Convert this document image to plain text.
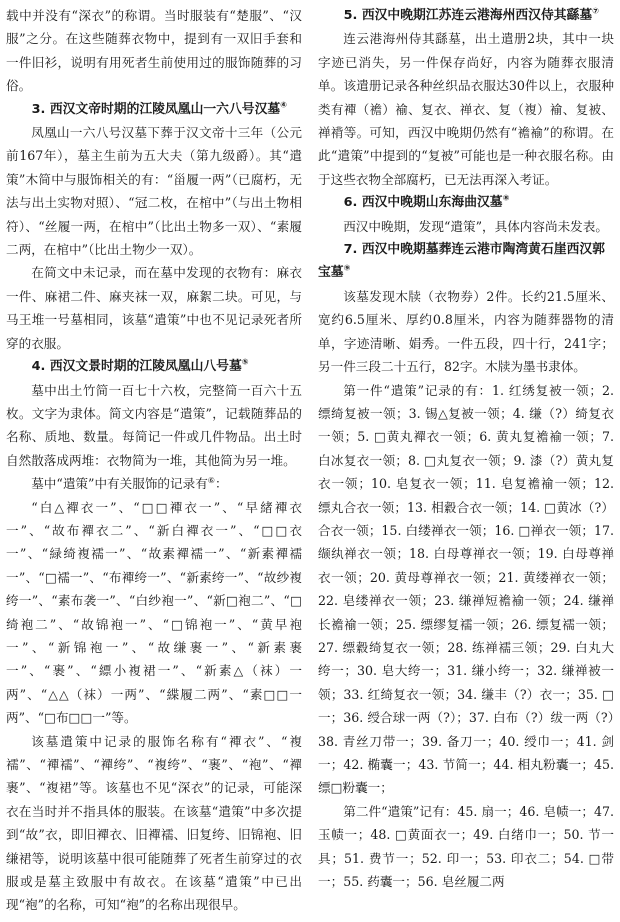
载中并没有“深衣”的称谓。当时服装有“楚服”、“汉服”之分。在这些随葬衣物中，提到有一双旧手套和一件旧衫，说明有用死者生前使用过的服饰随葬的习俗。

3. 西汉文帝时期的江陵凤凰山一六八号汉墓④

凤凰山一六八号汉墓下葬于汉文帝十三年（公元前167年），墓主生前为五大夫（第九级爵）。其“遣策”木简中与服饰相关的有：“甾履一两”（已腐朽，无法与出土实物对照）、“冠二枚，在棺中”（与出土物相符）、“丝履一两，在棺中”（比出土物多一双）、“素履二两，在棺中”（比出土物少一双）。

在简文中未记录，而在墓中发现的衣物有：麻衣一件、麻裙二件、麻夹袜一双，麻絮二块。可见，与马王堆一号墓相同，该墓“遣策”中也不见记录死者所穿的衣服。

4. 西汉文景时期的江陵凤凰山八号墓⑤

墓中出土竹简一百七十六枚，完整简一百六十五枚。文字为隶体。简文内容是“遣策”，记载随葬品的名称、质地、数量。每简记一件或几件物品。出土时自然散落成两堆：衣物简为一堆，其他简为另一堆。

墓中“遣策”中有关服饰的记录有⑥：

“白△襌衣一”、“□□襌衣一”、“早緒襌衣一”、“故布襌衣二”、“新白襌衣一”、“□□衣一”、“緑绮複襦一”、“故素襌襦一”、“新素襌襦一”、“□襦一”、“布襌绔一”、“新素绔一”、“故纱複绔一”、“素布袭一”、“白纱袍一”、“新□袍二”、“□绮袍二”、“故锦袍一”、“□锦袍一”、“黄早袍一”、“新锦袍一”、“故缣裹一”、“新素裹一”、“裹”、“縹小複裙一”、“新素△（袜）一两”、“△△（袜）一两”、“緤履二两”、“素□□一两”、“□布□□一”等。

该墓遣策中记录的服饰名称有“襌衣”、“複襦”、“襌襦”、“襌绔”、“複绔”、“裹”、“袍”、“襌裹”、“複裙”等。该墓也不见“深衣”的记录，可能深衣在当时并不指具体的服装。在该墓“遣策”中多次提到“故”衣，即旧襌衣、旧襌襦、旧复绔、旧锦袍、旧缣裙等，说明该墓中很可能随葬了死者生前穿过的衣服或是墓主致服中有故衣。在该墓“遣策”中已出现“袍”的名称，可知“袍”的名称出现很早。

5. 西汉中晚期江苏连云港海州西汉侍其繇墓⑦

连云港海州侍其繇墓，出土遣册2块，其中一块字迹已消失，另一件保存尚好，内容为随葬衣服清单。该遣册记录各种丝织品衣服达30件以上，衣服种类有襌（襜）褕、复衣、禅衣、复（複）褕、复被、禅褙等。可知，西汉中晚期仍然有“襜褕”的称谓。在此“遣策”中提到的“复被”可能也是一种衣服名称。由于这些衣物全部腐朽，已无法再深入考证。

6. 西汉中晚期山东海曲汉墓⑧

西汉中晚期，发现“遣策”，具体内容尚未发表。

7. 西汉中晚期墓葬连云港市陶湾黄石崖西汉郭宝墓⑨

该墓发现木牍（衣物券）2件。长约21.5厘米、宽约6.5厘米、厚约0.8厘米，内容为随葬器物的清单，字迹清晰、娟秀。一件五段，四十行，241字；另一件三段二十五行，82字。木牍为墨书隶体。

第一件“遣策”记录的有：1. 红绣复被一领；2. 缥绮复被一领；3. 锡△复被一领；4. 缣（?）绮复衣一领；5. □黄丸襌衣一领；6. 黄丸复襜褕一领；7. 白冰复衣一领；8. □丸复衣一领；9. 漆（?）黄丸复衣一领；10. 皂复衣一领；11. 皂复襜褕一领；12. 缥丸合衣一领；13. 相縠合衣一领；14. □黄冰（?）合衣一领；15. 白缕禅衣一领；16. □禅衣一领；17. 缬纨禅衣一领；18. 白母尊禅衣一领；19. 白母尊禅衣一领；20. 黄母尊禅衣一领；21. 黄缕禅衣一领；22. 皂缕禅衣一领；23. 缣禅短襜褕一领；24. 缣禅长襜褕一领；25. 缥缪复襦一领；26. 缥复襦一领；27. 缥縠绮复衣一领；28. 练禅襦三领；29. 白丸大绔一；30. 皂大绔一；31. 缣小绔一；32. 缣禅被一领；33. 红绮复衣一领；34. 缣丰（?）衣一；35. □一；36. 绶合球一两（?）；37. 白布（?）绂一两（?）38. 青丝刀带一；39. 备刀一；40. 绶巾一；41. 剑一；42. 椭囊一；43. 节简一；44. 相丸粉囊一；45. 缥□粉囊一；

第二件“遣策”记有：45. 扇一；46. 皂帻一；47. 玉帻一；48. □黄面衣一；49. 白绪巾一；50. 节一具；51. 费节一；52. 印一；53. 印衣二；54. □带一；55. 药囊一；56. 皂丝履二两
